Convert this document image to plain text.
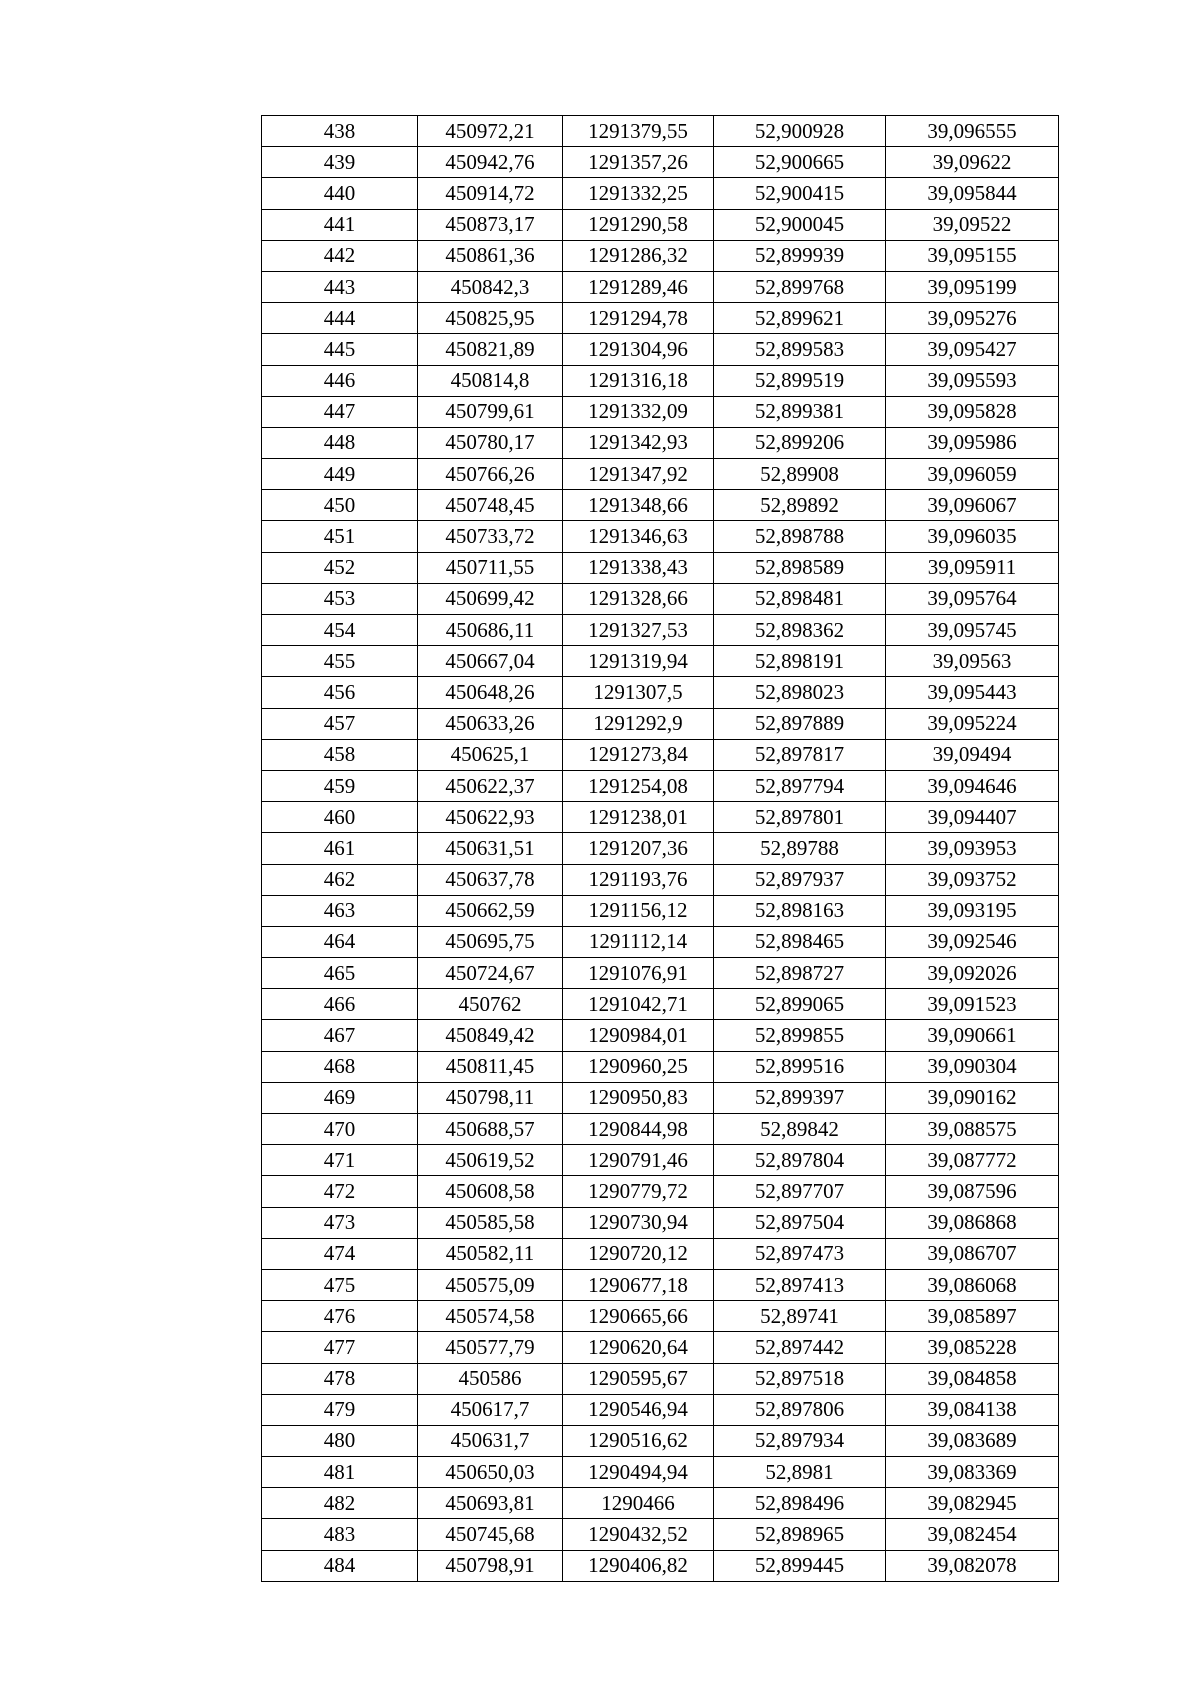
438	450972,21	1291379,55	52,900928	39,096555
439	450942,76	1291357,26	52,900665	39,09622
440	450914,72	1291332,25	52,900415	39,095844
441	450873,17	1291290,58	52,900045	39,09522
442	450861,36	1291286,32	52,899939	39,095155
443	450842,3	1291289,46	52,899768	39,095199
444	450825,95	1291294,78	52,899621	39,095276
445	450821,89	1291304,96	52,899583	39,095427
446	450814,8	1291316,18	52,899519	39,095593
447	450799,61	1291332,09	52,899381	39,095828
448	450780,17	1291342,93	52,899206	39,095986
449	450766,26	1291347,92	52,89908	39,096059
450	450748,45	1291348,66	52,89892	39,096067
451	450733,72	1291346,63	52,898788	39,096035
452	450711,55	1291338,43	52,898589	39,095911
453	450699,42	1291328,66	52,898481	39,095764
454	450686,11	1291327,53	52,898362	39,095745
455	450667,04	1291319,94	52,898191	39,09563
456	450648,26	1291307,5	52,898023	39,095443
457	450633,26	1291292,9	52,897889	39,095224
458	450625,1	1291273,84	52,897817	39,09494
459	450622,37	1291254,08	52,897794	39,094646
460	450622,93	1291238,01	52,897801	39,094407
461	450631,51	1291207,36	52,89788	39,093953
462	450637,78	1291193,76	52,897937	39,093752
463	450662,59	1291156,12	52,898163	39,093195
464	450695,75	1291112,14	52,898465	39,092546
465	450724,67	1291076,91	52,898727	39,092026
466	450762	1291042,71	52,899065	39,091523
467	450849,42	1290984,01	52,899855	39,090661
468	450811,45	1290960,25	52,899516	39,090304
469	450798,11	1290950,83	52,899397	39,090162
470	450688,57	1290844,98	52,89842	39,088575
471	450619,52	1290791,46	52,897804	39,087772
472	450608,58	1290779,72	52,897707	39,087596
473	450585,58	1290730,94	52,897504	39,086868
474	450582,11	1290720,12	52,897473	39,086707
475	450575,09	1290677,18	52,897413	39,086068
476	450574,58	1290665,66	52,89741	39,085897
477	450577,79	1290620,64	52,897442	39,085228
478	450586	1290595,67	52,897518	39,084858
479	450617,7	1290546,94	52,897806	39,084138
480	450631,7	1290516,62	52,897934	39,083689
481	450650,03	1290494,94	52,8981	39,083369
482	450693,81	1290466	52,898496	39,082945
483	450745,68	1290432,52	52,898965	39,082454
484	450798,91	1290406,82	52,899445	39,082078
